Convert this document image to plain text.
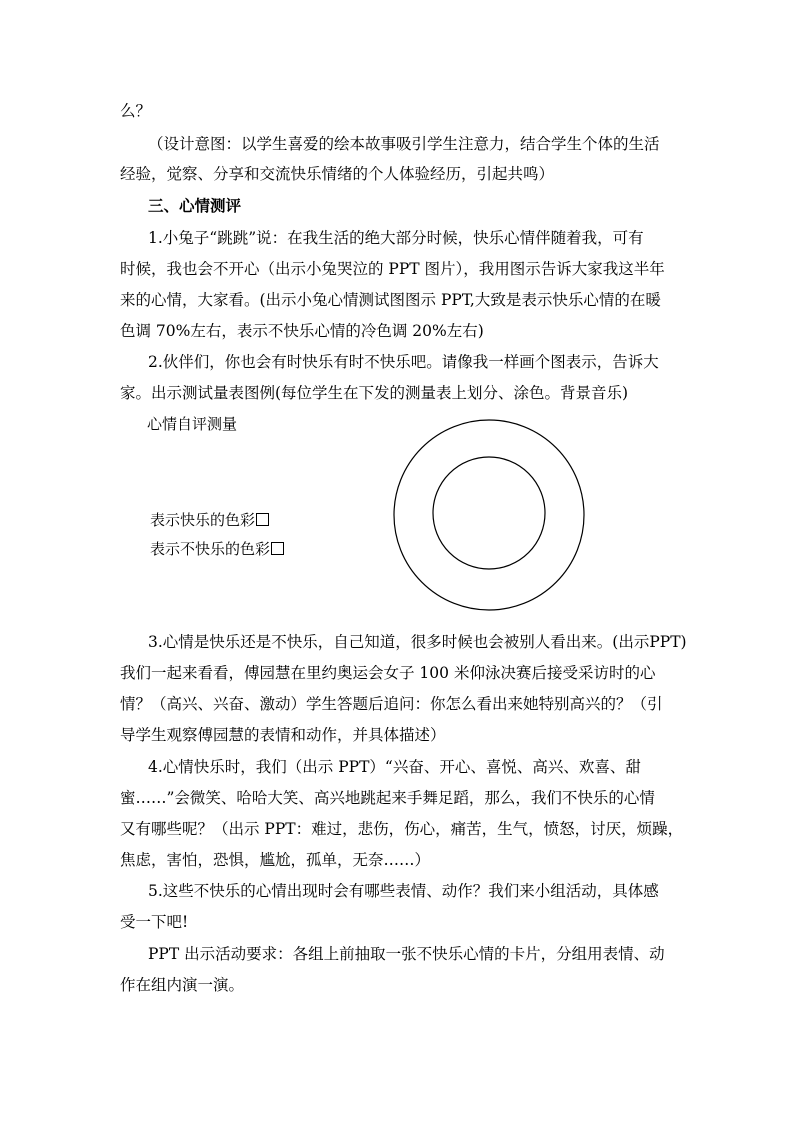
么？
（设计意图：以学生喜爱的绘本故事吸引学生注意力，结合学生个体的生活
经验，觉察、分享和交流快乐情绪的个人体验经历，引起共鸣）
三、心情测评
1.小兔子“跳跳”说：在我生活的绝大部分时候，快乐心情伴随着我，可有
时候，我也会不开心（出示小兔哭泣的 PPT 图片），我用图示告诉大家我这半年
来的心情，大家看。(出示小兔心情测试图图示 PPT,大致是表示快乐心情的在暖
色调 70%左右，表示不快乐心情的冷色调 20%左右)
2.伙伴们，你也会有时快乐有时不快乐吧。请像我一样画个图表示，告诉大
家。出示测试量表图例(每位学生在下发的测量表上划分、涂色。背景音乐)
心情自评测量
表示快乐的色彩
表示不快乐的色彩
3.心情是快乐还是不快乐，自己知道，很多时候也会被别人看出来。(出示PPT)
我们一起来看看，傅园慧在里约奥运会女子 100 米仰泳决赛后接受采访时的心
情？（高兴、兴奋、激动）学生答题后追问：你怎么看出来她特别高兴的？（引
导学生观察傅园慧的表情和动作，并具体描述）
4.心情快乐时，我们（出示 PPT）“兴奋、开心、喜悦、高兴、欢喜、甜
蜜……”会微笑、哈哈大笑、高兴地跳起来手舞足蹈，那么，我们不快乐的心情
又有哪些呢？（出示 PPT：难过，悲伤，伤心，痛苦，生气，愤怒，讨厌，烦躁，
焦虑，害怕，恐惧，尴尬，孤单，无奈……）
5.这些不快乐的心情出现时会有哪些表情、动作？我们来小组活动，具体感
受一下吧!
PPT 出示活动要求：各组上前抽取一张不快乐心情的卡片，分组用表情、动
作在组内演一演。
